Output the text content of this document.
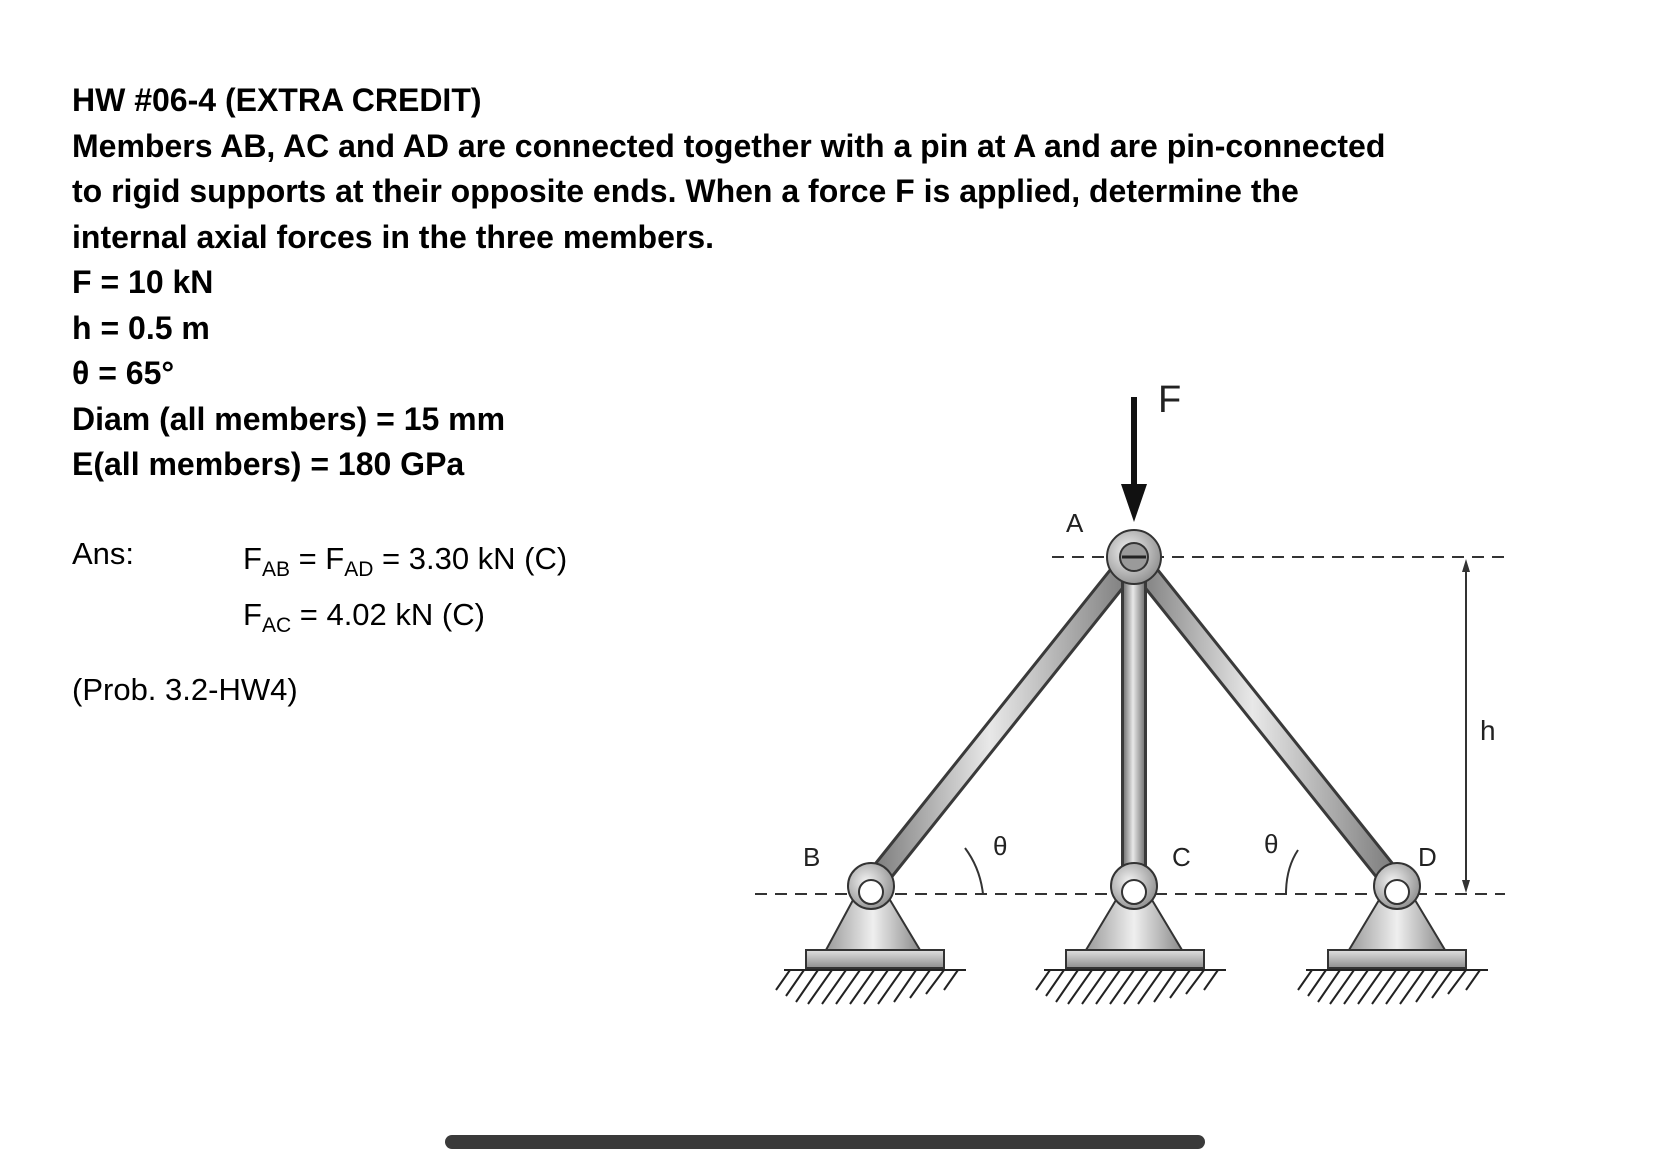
HW #06-4 (EXTRA CREDIT)
Members AB, AC and AD are connected together with a pin at A and are pin-connected
to rigid supports at their opposite ends. When a force F is applied, determine the
internal axial forces in the three members.
F = 10 kN
h = 0.5 m
θ = 65°
Diam (all members) = 15 mm
E(all members) = 180 GPa
Ans:	$F_{AB} = F_{AD} = 3.30$ kN (C)
$F_{AC} = 4.02$ kN (C)
(Prob. 3.2-HW4)
F
A
B	C	D
θ	θ
h
